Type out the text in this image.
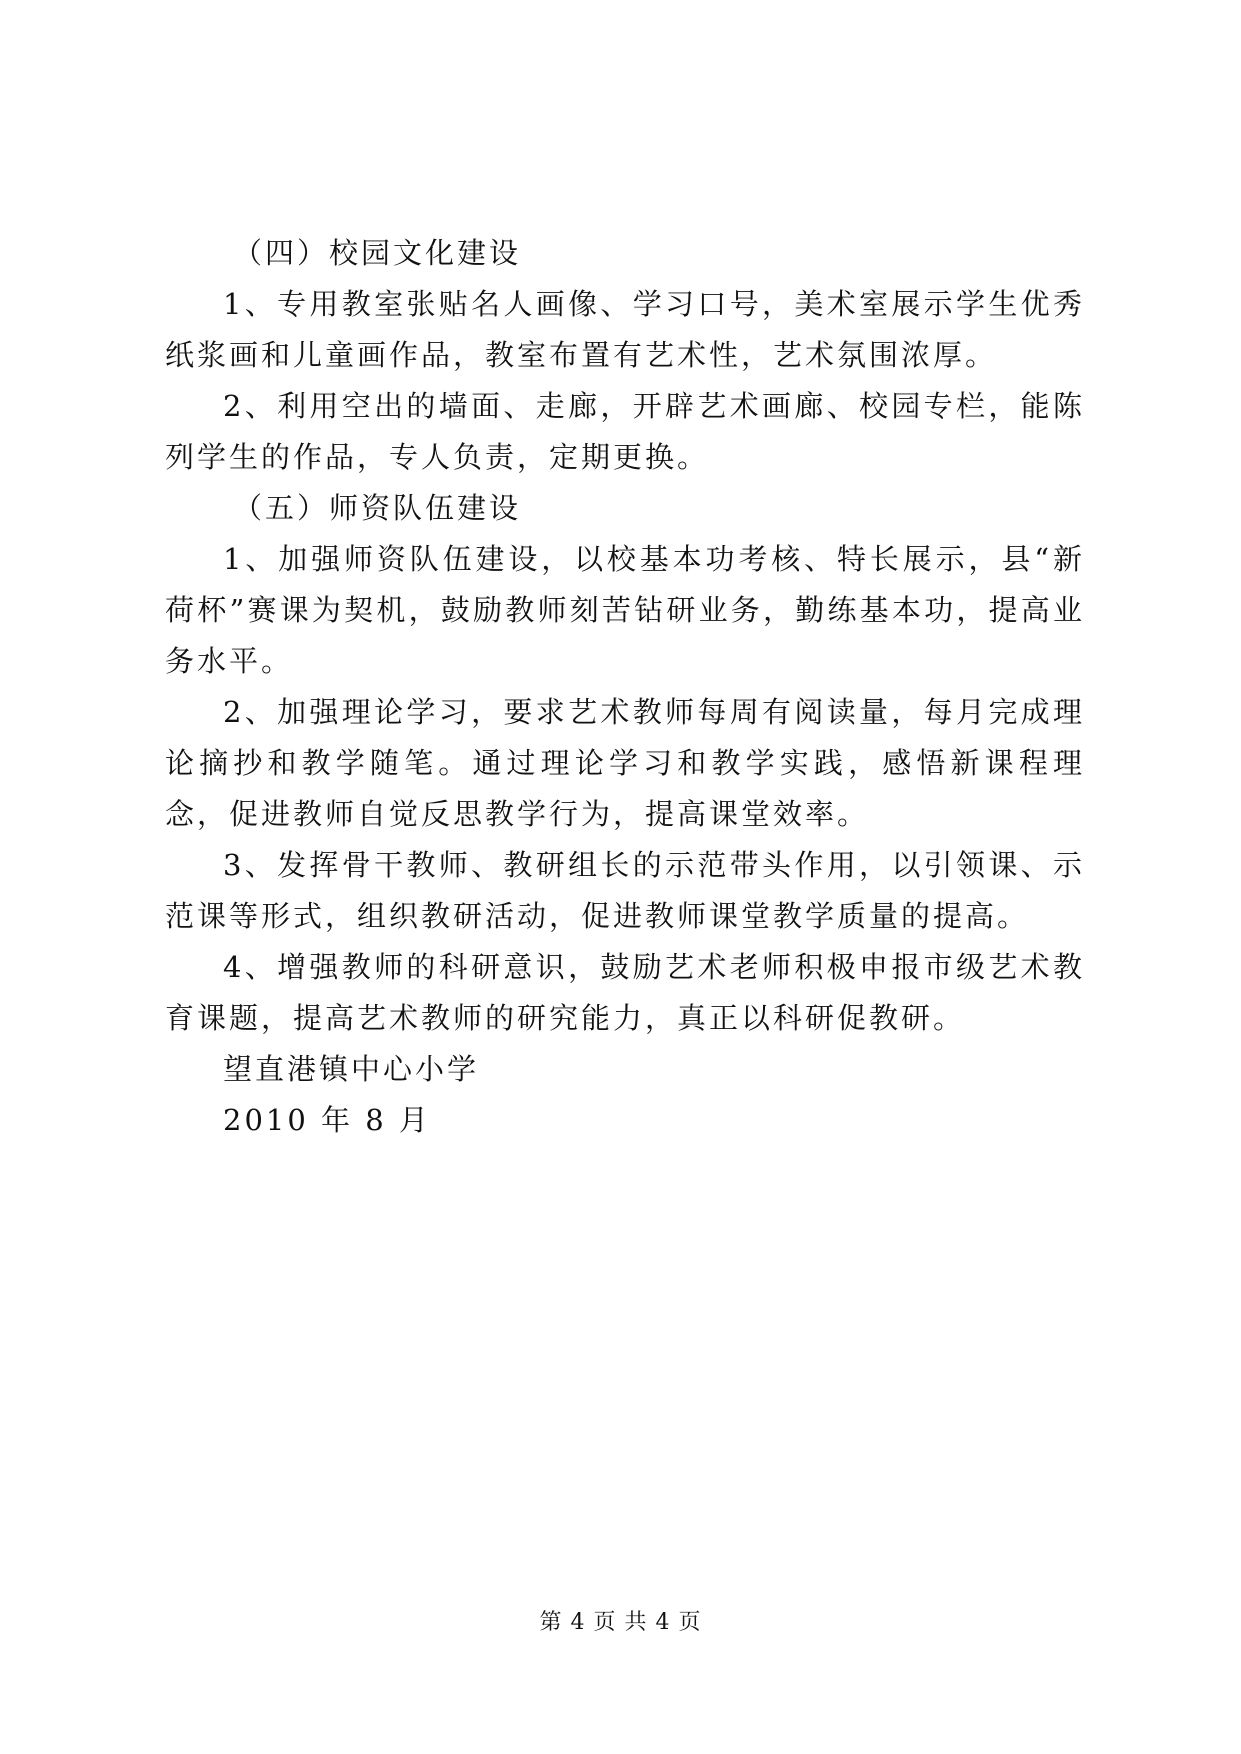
（四）校园文化建设

1、专用教室张贴名人画像、学习口号，美术室展示学生优秀纸浆画和儿童画作品，教室布置有艺术性，艺术氛围浓厚。

2、利用空出的墙面、走廊，开辟艺术画廊、校园专栏，能陈列学生的作品，专人负责，定期更换。

（五）师资队伍建设

1、加强师资队伍建设，以校基本功考核、特长展示，县“新荷杯”赛课为契机，鼓励教师刻苦钻研业务，勤练基本功，提高业务水平。

2、加强理论学习，要求艺术教师每周有阅读量，每月完成理论摘抄和教学随笔。通过理论学习和教学实践，感悟新课程理念，促进教师自觉反思教学行为，提高课堂效率。

3、发挥骨干教师、教研组长的示范带头作用，以引领课、示范课等形式，组织教研活动，促进教师课堂教学质量的提高。

4、增强教师的科研意识，鼓励艺术老师积极申报市级艺术教育课题，提高艺术教师的研究能力，真正以科研促教研。

望直港镇中心小学

2010 年 8 月

第 4 页 共 4 页
